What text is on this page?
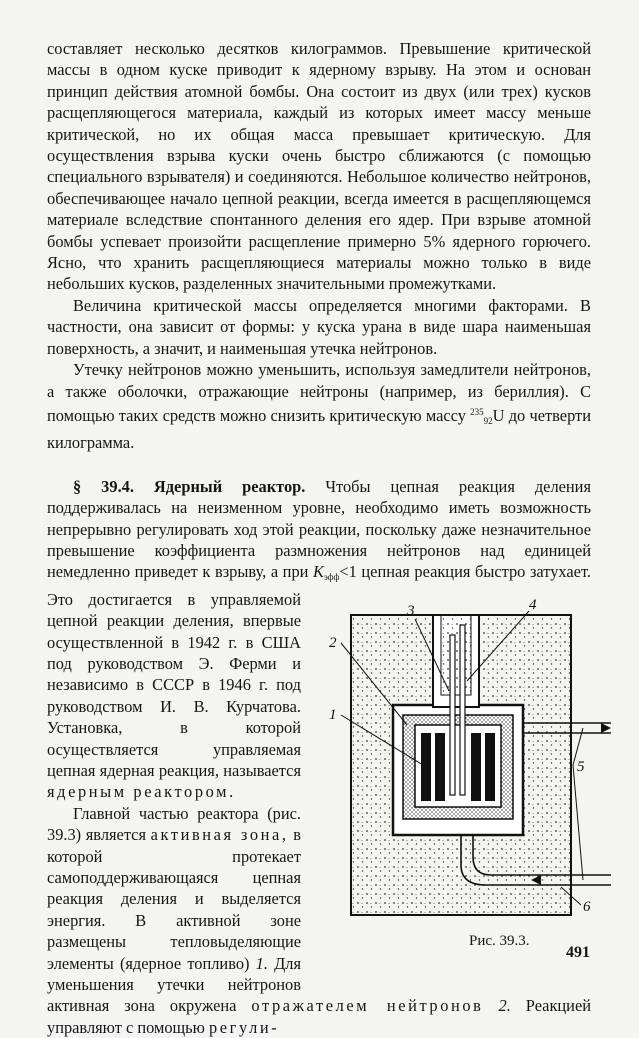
составляет несколько десятков килограммов. Превышение критической массы в одном куске приводит к ядерному взрыву. На этом и основан принцип действия атомной бомбы. Она состоит из двух (или трех) кусков расщепляющегося материала, каждый из которых имеет массу меньше критической, но их общая масса превышает критическую. Для осуществления взрыва куски очень быстро сближаются (с помощью специального взрывателя) и соединяются. Небольшое количество нейтронов, обеспечивающее начало цепной реакции, всегда имеется в расщепляющемся материале вследствие спонтанного деления его ядер. При взрыве атомной бомбы успевает произойти расщепление примерно 5% ядерного горючего. Ясно, что хранить расщепляющиеся материалы можно только в виде небольших кусков, разделенных значительными промежутками.

Величина критической массы определяется многими факторами. В частности, она зависит от формы: у куска урана в виде шара наименьшая поверхность, а значит, и наименьшая утечка нейтронов.

Утечку нейтронов можно уменьшить, используя замедлители нейтронов, а также оболочки, отражающие нейтроны (например, из бериллия). С помощью таких средств можно снизить критическую массу $^{235}_{92}$U до четверти килограмма.

§ 39.4. Ядерный реактор. Чтобы цепная реакция деления поддерживалась на неизменном уровне, необходимо иметь возможность непрерывно регулировать ход этой реакции, поскольку даже незначительное превышение коэффициента размножения нейтронов над единицей немедленно приведет к взрыву, а при $K_{эфф}$
1
2
3	4
5
6
Рис. 39.3.
<1 цепная реакция быстро затухает. Это достигается в управляемой цепной реакции деления, впервые осуществленной в 1942 г. в США под руководством Э. Ферми и независимо в СССР в 1946 г. под руководством И. В. Курчатова. Установка, в которой осуществляется управляемая цепная ядерная реакция, называется ядерным реактором.

Главной частью реактора (рис. 39.3) является активная зона, в которой протекает самоподдерживающаяся цепная реакция деления и выделяется энергия. В активной зоне размещены тепловыделяющие элементы (ядерное топливо) 1. Для уменьшения утечки нейтронов активная зона окружена отражателем нейтронов 2. Реакцией управляют с помощью регули-

491
